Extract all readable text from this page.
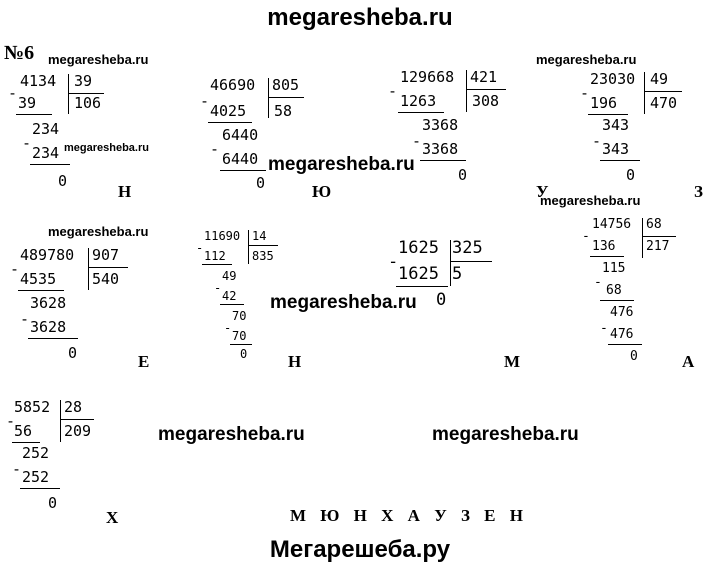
megaresheba.ru
№6 megaresheba.ru
megaresheba.ru
megaresheba.ru
megaresheba.ru
megaresheba.ru
megaresheba.ru
megaresheba.ru
megaresheba.ru	megaresheba.ru
4134 39
106
-
39
234
-
234
0
Н
46690 805
58
-
4025
6440
-
6440
0	Ю
129668 421
308
-
1263
3368
- 3368
0
У
23030 49
470
-
196
343
- 343
0
З
489780 907
540
-
4535
3628
- 3628
0	Е
11690 14
835
-
112
49
-
42
70
-
70
0 Н
1625 325
5
-
1625
0
М
14756 68
217
-
136
115
-
68
476
- 476
0	А
5852 28
209
-
56
252
- 252
0
Х	М Ю Н Х А У З Е Н
Мегарешеба.ру
